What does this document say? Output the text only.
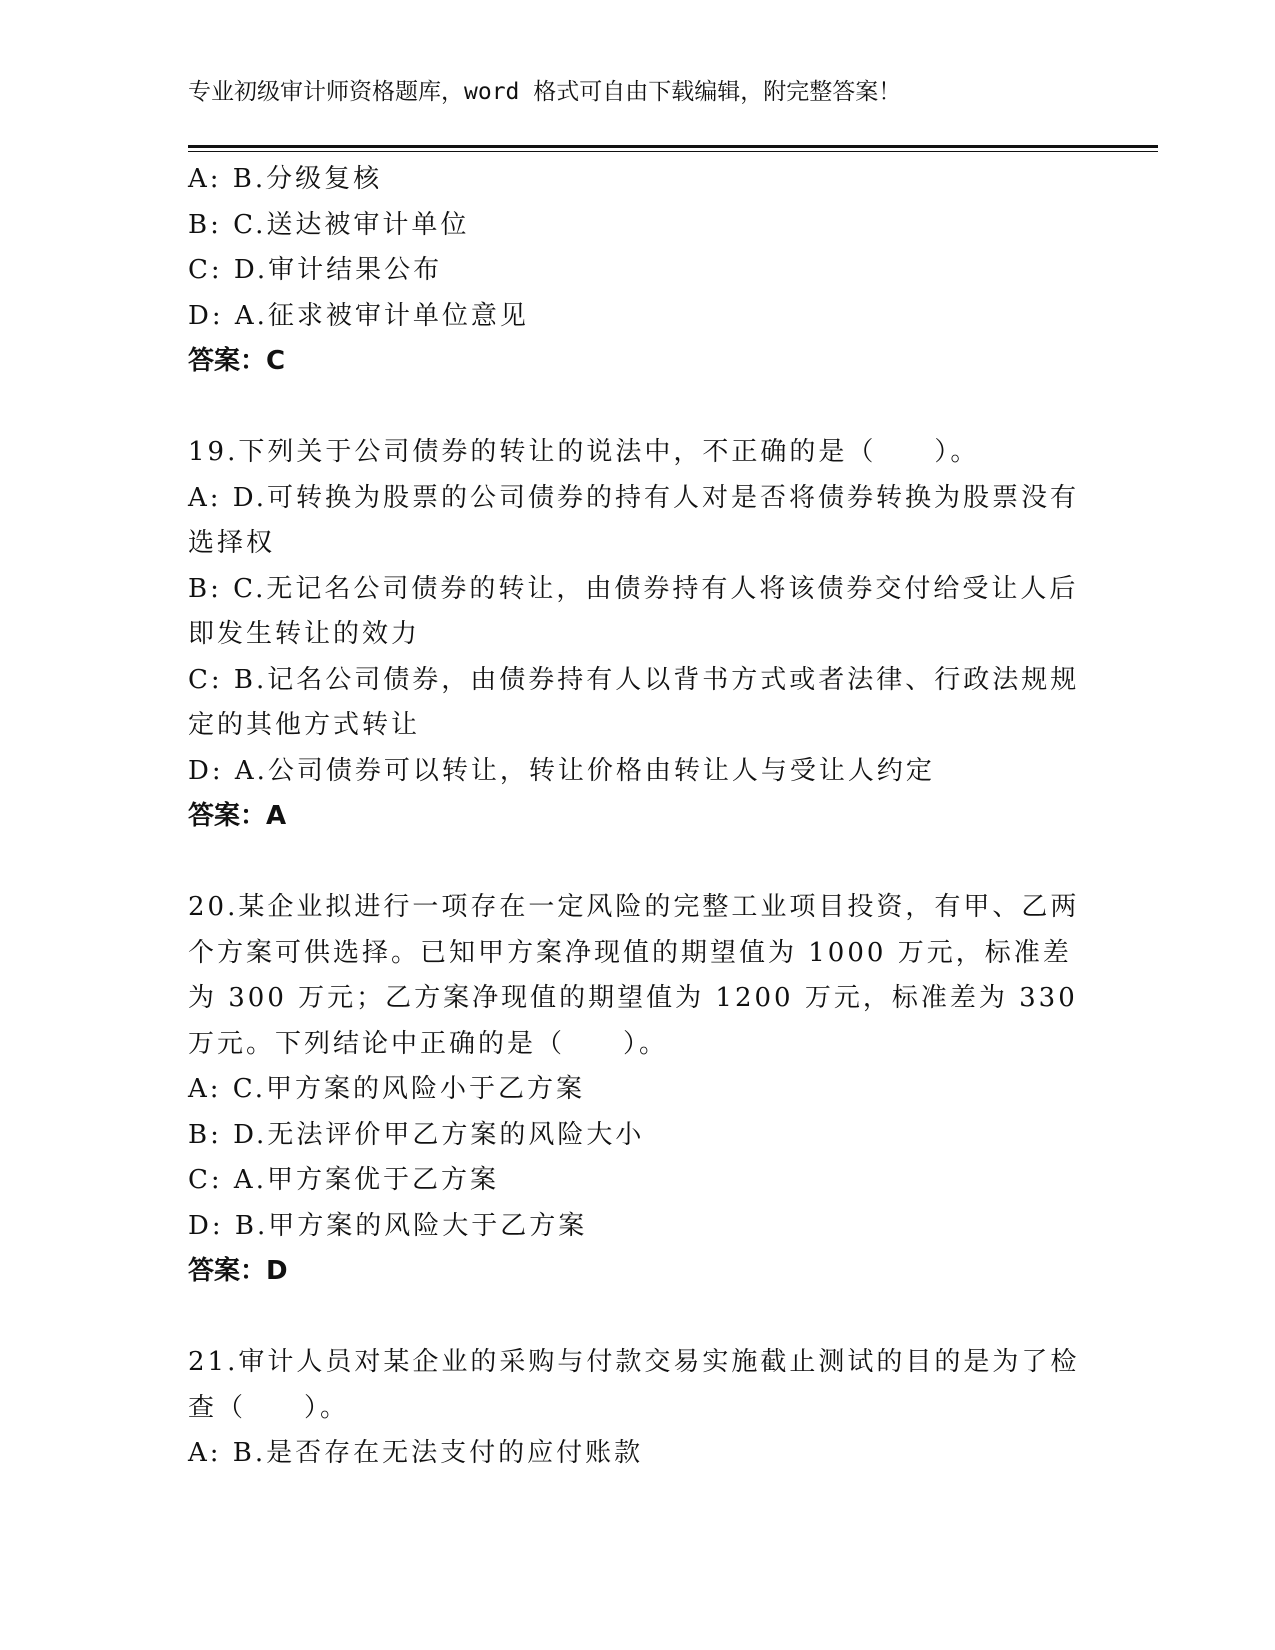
专业初级审计师资格题库，word 格式可自由下载编辑，附完整答案！
A: B.分级复核
B: C.送达被审计单位
C: D.审计结果公布
D: A.征求被审计单位意见
答案：C
19.下列关于公司债券的转让的说法中，不正确的是（　　）。
A: D.可转换为股票的公司债券的持有人对是否将债券转换为股票没有选择权
B: C.无记名公司债券的转让，由债券持有人将该债券交付给受让人后即发生转让的效力
C: B.记名公司债券，由债券持有人以背书方式或者法律、行政法规规定的其他方式转让
D: A.公司债券可以转让，转让价格由转让人与受让人约定
答案：A
20.某企业拟进行一项存在一定风险的完整工业项目投资，有甲、乙两个方案可供选择。已知甲方案净现值的期望值为 1000 万元，标准差为 300 万元；乙方案净现值的期望值为 1200 万元，标准差为 330 万元。下列结论中正确的是（　　）。
A: C.甲方案的风险小于乙方案
B: D.无法评价甲乙方案的风险大小
C: A.甲方案优于乙方案
D: B.甲方案的风险大于乙方案
答案：D
21.审计人员对某企业的采购与付款交易实施截止测试的目的是为了检查（　　）。
A: B.是否存在无法支付的应付账款
